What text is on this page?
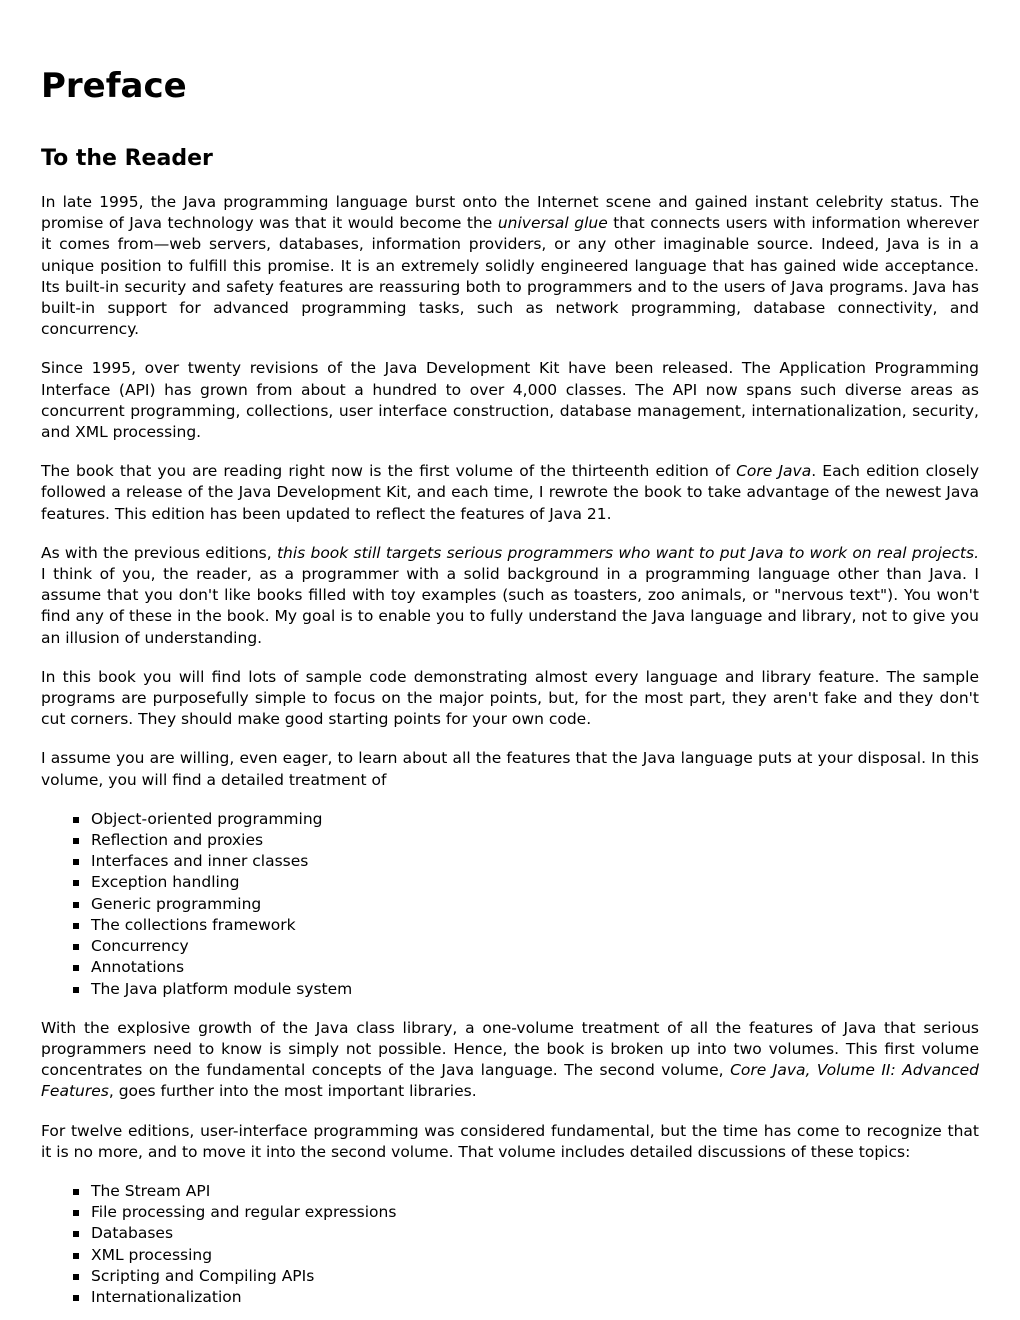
Preface
To the Reader

In late 1995, the Java programming language burst onto the Internet scene and gained instant celebrity status. The promise of Java technology was that it would become the universal glue that connects users with information wherever it comes from—web servers, databases, information providers, or any other imaginable source. Indeed, Java is in a unique position to fulfill this promise. It is an extremely solidly engineered language that has gained wide acceptance. Its built-in security and safety features are reassuring both to programmers and to the users of Java programs. Java has built-in support for advanced programming tasks, such as network programming, database connectivity, and concurrency.

Since 1995, over twenty revisions of the Java Development Kit have been released. The Application Programming Interface (API) has grown from about a hundred to over 4,000 classes. The API now spans such diverse areas as concurrent programming, collections, user interface construction, database management, internationalization, security, and XML processing.

The book that you are reading right now is the first volume of the thirteenth edition of Core Java. Each edition closely followed a release of the Java Development Kit, and each time, I rewrote the book to take advantage of the newest Java features. This edition has been updated to reflect the features of Java 21.

As with the previous editions, this book still targets serious programmers who want to put Java to work on real projects. I think of you, the reader, as a programmer with a solid background in a programming language other than Java. I assume that you don't like books filled with toy examples (such as toasters, zoo animals, or "nervous text"). You won't find any of these in the book. My goal is to enable you to fully understand the Java language and library, not to give you an illusion of understanding.

In this book you will find lots of sample code demonstrating almost every language and library feature. The sample programs are purposefully simple to focus on the major points, but, for the most part, they aren't fake and they don't cut corners. They should make good starting points for your own code.

I assume you are willing, even eager, to learn about all the features that the Java language puts at your disposal. In this volume, you will find a detailed treatment of

Object-oriented programming
Reflection and proxies
Interfaces and inner classes
Exception handling
Generic programming
The collections framework
Concurrency
Annotations
The Java platform module system

With the explosive growth of the Java class library, a one-volume treatment of all the features of Java that serious programmers need to know is simply not possible. Hence, the book is broken up into two volumes. This first volume concentrates on the fundamental concepts of the Java language. The second volume, Core Java, Volume II: Advanced Features, goes further into the most important libraries.

For twelve editions, user-interface programming was considered fundamental, but the time has come to recognize that it is no more, and to move it into the second volume. That volume includes detailed discussions of these topics:

The Stream API
File processing and regular expressions
Databases
XML processing
Scripting and Compiling APIs
Internationalization
